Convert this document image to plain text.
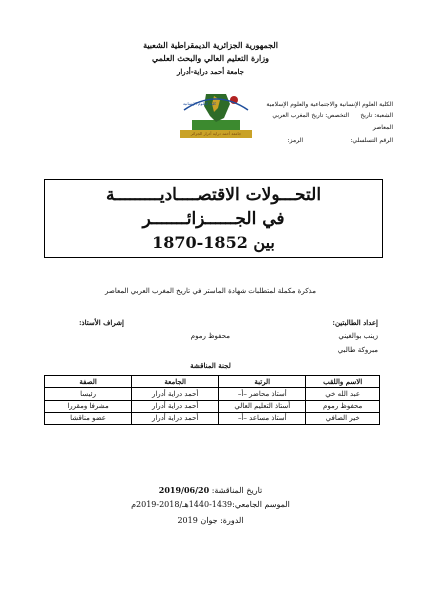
الجمهورية الجزائرية الديمقراطية الشعبية
وزارة التعليم العالي والبحث العلمي
جامعة أحمد دراية-أدرار
الكلية العلوم الإنسانية والاجتماعية والعلوم الإسلامية
الشعبة: تاريخ
التخصص: تاريخ المغرب العربي
المعاصر
الرقم التسلسلي:
الرمز:
جامعة أحمد دراية أدرار الجزائر
كلية العلوم الإنسانية
التحـــولات الاقتصــــاديـــــــــة
في الجــــــزائـــــــر
بين 1852-1870
مذكرة مكملة لمتطلبات شهادة الماستر في تاريخ المغرب العربي المعاصر
إعداد الطالبتين:
زينب بوالغيني
مبروكة طالبي
إشراف الأستاذ:
محفوظ رموم
لجنة المناقشة
الاسم واللقب	الرتبة	الجامعة	الصفة
عبد الله خي	أستاذ محاضر –أ–	أحمد دراية أدرار	رئيسا
محفوظ رموم	أستاذ التعليم العالي	أحمد دراية أدرار	مشرفا ومقررا
خير الصافي	أستاذ مساعد –أ–	أحمد دراية أدرار	عضو مناقشا
تاريخ المناقشة: 2019/06/20
الموسم الجامعي:1439-1440هـ/2018-2019م
الدورة: جوان 2019
